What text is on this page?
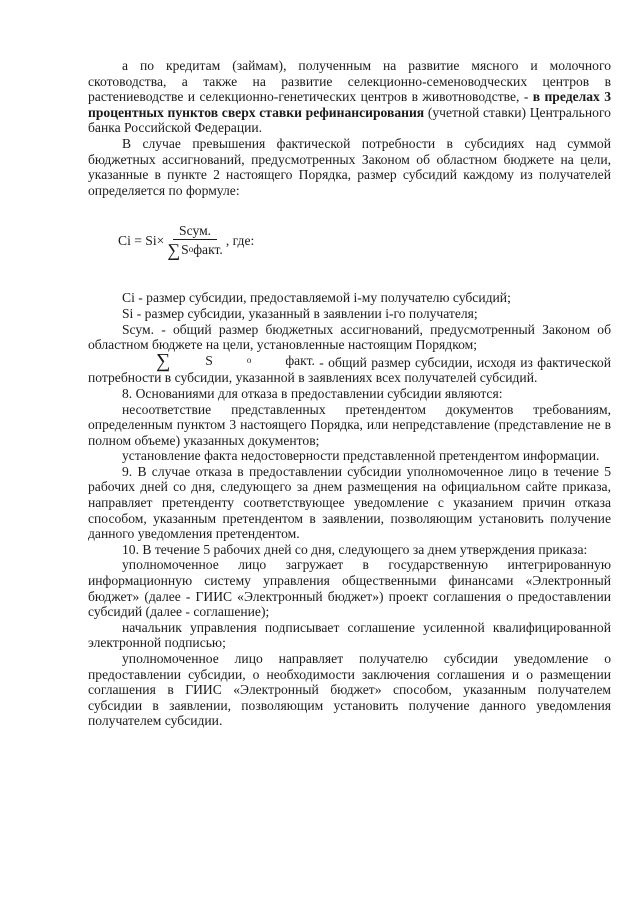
а по кредитам (займам), полученным на развитие мясного и молочного скотоводства, а также на развитие селекционно-семеноводческих центров в растениеводстве и селекционно-генетических центров в животноводстве, - в пределах 3 процентных пунктов сверх ставки рефинансирования (учетной ставки) Центрального банка Российской Федерации.

В случае превышения фактической потребности в субсидиях над суммой бюджетных ассигнований, предусмотренных Законом об областном бюджете на цели, указанные в пункте 2 настоящего Порядка, размер субсидий каждому из получателей определяется по формуле:

$Ci = Si \times \frac{\text{Sсум.}}{\text{∑ S o факт.}}$ , где:

Ci - размер субсидии, предоставляемой i-му получателю субсидий;

Si - размер субсидии, указанный в заявлении i-го получателя;

Sсум. - общий размер бюджетных ассигнований, предусмотренный Законом об областном бюджете на цели, установленные настоящим Порядком;

∑	S	o	факт. - общий размер субсидии, исходя из фактической потребности в субсидии, указанной в заявлениях всех получателей субсидий.

8. Основаниями для отказа в предоставлении субсидии являются:

несоответствие представленных претендентом документов требованиям, определенным пунктом 3 настоящего Порядка, или непредставление (представление не в полном объеме) указанных документов;

установление факта недостоверности представленной претендентом информации.

9. В случае отказа в предоставлении субсидии уполномоченное лицо в течение 5 рабочих дней со дня, следующего за днем размещения на официальном сайте приказа, направляет претенденту соответствующее уведомление с указанием причин отказа способом, указанным претендентом в заявлении, позволяющим установить получение данного уведомления претендентом.

10. В течение 5 рабочих дней со дня, следующего за днем утверждения приказа:

уполномоченное лицо загружает в государственную интегрированную информационную систему управления общественными финансами «Электронный бюджет» (далее - ГИИС «Электронный бюджет») проект соглашения о предоставлении субсидий (далее - соглашение);

начальник управления подписывает соглашение усиленной квалифицированной электронной подписью;

уполномоченное лицо направляет получателю субсидии уведомление о предоставлении субсидии, о необходимости заключения соглашения и о размещении соглашения в ГИИС «Электронный бюджет» способом, указанным получателем субсидии в заявлении, позволяющим установить получение данного уведомления получателем субсидии.
